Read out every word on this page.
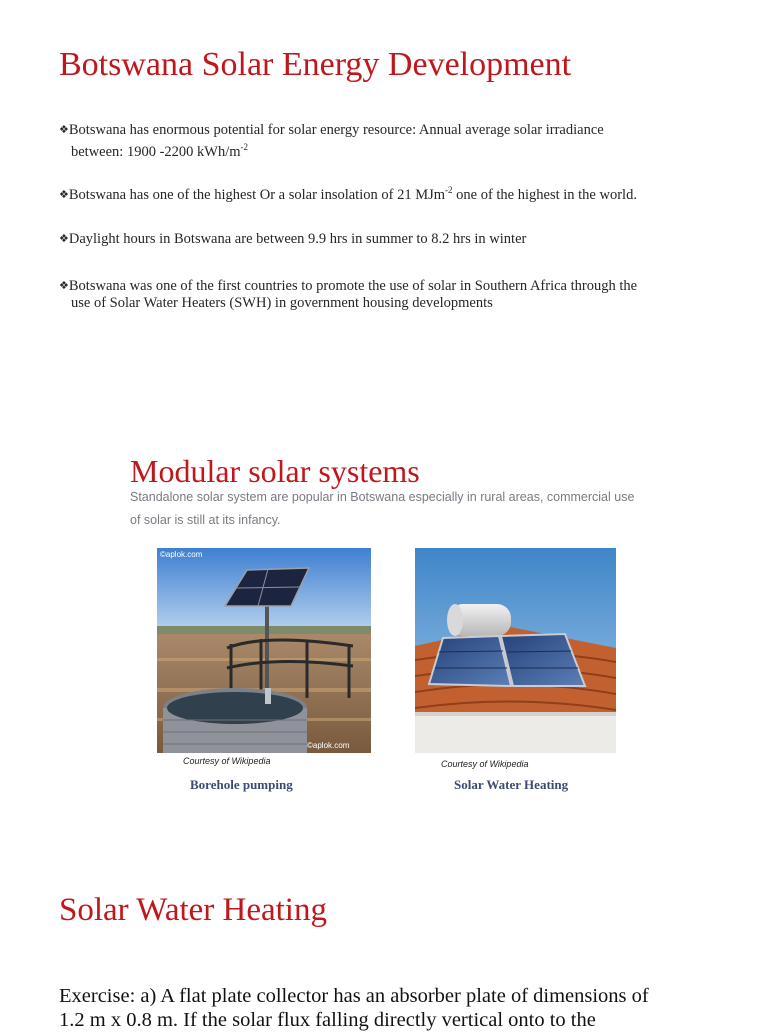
Botswana Solar Energy Development
❖Botswana has enormous potential for solar energy resource: Annual average solar irradiance
between: 1900 -2200 kWh/$m^{-2}$
❖Botswana has one of the highest Or a solar insolation of 21 MJm$^{-2}$ one of the highest in the world.
❖Daylight hours in Botswana are between 9.9 hrs in summer to 8.2 hrs in winter
❖Botswana was one of the first countries to promote the use of solar in Southern Africa through the
use of Solar Water Heaters (SWH) in government housing developments
Modular solar systems
Standalone solar system are popular in Botswana especially in rural areas, commercial use
of solar is still at its infancy.
©aplok.com
©aplok.com
Courtesy of Wikipedia	Courtesy of Wikipedia
Borehole pumping	Solar Water Heating
Solar Water Heating
Exercise: a) A flat plate collector has an absorber plate of dimensions of
1.2 m x 0.8 m. If the solar flux falling directly vertical onto to the
